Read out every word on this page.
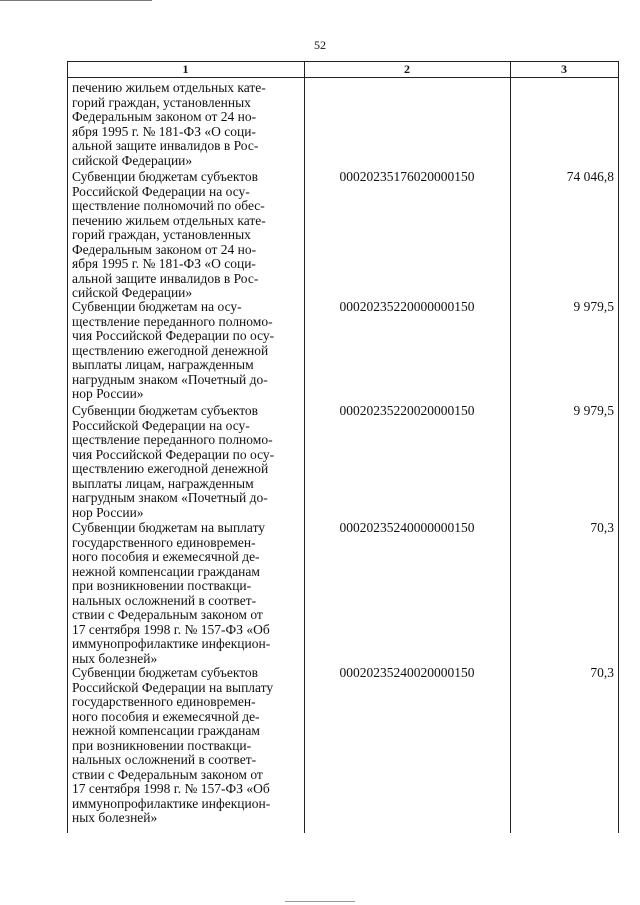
52
1	2	3
печению жильем отдельных кате-
горий граждан, установленных
Федеральным законом от 24 но-
ября 1995 г. № 181-ФЗ «О соци-
альной защите инвалидов в Рос-
сийской Федерации»
Субвенции бюджетам субъектов
Российской Федерации на осу-
ществление полномочий по обес-
печению жильем отдельных кате-
горий граждан, установленных
Федеральным законом от 24 но-
ября 1995 г. № 181-ФЗ «О соци-
альной защите инвалидов в Рос-
сийской Федерации»
00020235176020000150	74 046,8
Субвенции бюджетам на осу-
ществление переданного полномо-
чия Российской Федерации по осу-
ществлению ежегодной денежной
выплаты лицам, награжденным
нагрудным знаком «Почетный до-
нор России»
00020235220000000150	9 979,5
Субвенции бюджетам субъектов
Российской Федерации на осу-
ществление переданного полномо-
чия Российской Федерации по осу-
ществлению ежегодной денежной
выплаты лицам, награжденным
нагрудным знаком «Почетный до-
нор России»
00020235220020000150	9 979,5
Субвенции бюджетам на выплату
государственного единовремен-
ного пособия и ежемесячной де-
нежной компенсации гражданам
при возникновении поствакци-
нальных осложнений в соответ-
ствии с Федеральным законом от
17 сентября 1998 г. № 157-ФЗ «Об
иммунопрофилактике инфекцион-
ных болезней»
00020235240000000150	70,3
Субвенции бюджетам субъектов
Российской Федерации на выплату
государственного единовремен-
ного пособия и ежемесячной де-
нежной компенсации гражданам
при возникновении поствакци-
нальных осложнений в соответ-
ствии с Федеральным законом от
17 сентября 1998 г. № 157-ФЗ «Об
иммунопрофилактике инфекцион-
ных болезней»
00020235240020000150	70,3
